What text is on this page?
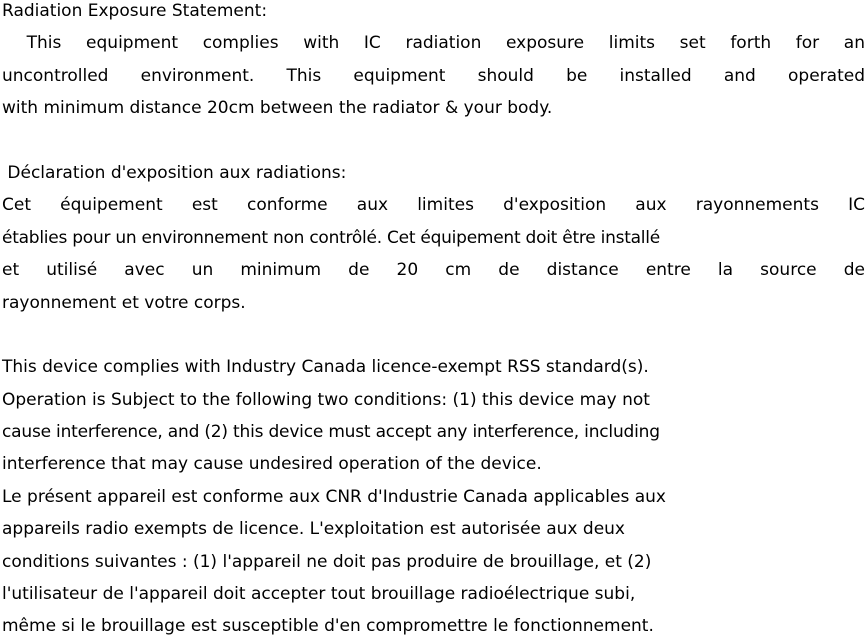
Radiation Exposure Statement:
This equipment complies with IC radiation exposure limits set forth for an
uncontrolled environment. This equipment should be installed and operated
with minimum distance 20cm between the radiator & your body.
Déclaration d'exposition aux radiations:
Cet équipement est conforme aux limites d'exposition aux rayonnements IC
établies pour un environnement non contrôlé. Cet équipement doit être installé
et utilisé avec un minimum de 20 cm de distance entre la source de
rayonnement et votre corps.
This device complies with Industry Canada licence-exempt RSS standard(s).
Operation is Subject to the following two conditions: (1) this device may not
cause interference, and (2) this device must accept any interference, including
interference that may cause undesired operation of the device.
Le présent appareil est conforme aux CNR d'Industrie Canada applicables aux
appareils radio exempts de licence. L'exploitation est autorisée aux deux
conditions suivantes : (1) l'appareil ne doit pas produire de brouillage, et (2)
l'utilisateur de l'appareil doit accepter tout brouillage radioélectrique subi,
même si le brouillage est susceptible d'en compromettre le fonctionnement.
